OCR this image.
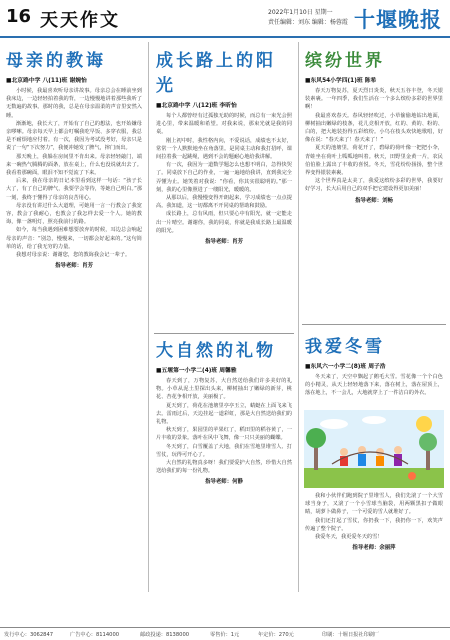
16 天天作文	2022年1月10日 星期一
责任编辑：刘东 编辑：杨蓉霞 十堰晚报
母亲的教诲
■北京路中学 八(11)班 谢婉怡

小时候，我最喜欢听母亲讲故事。母亲总会在睡前坐到我床边，一边轻轻拍着我的背，一边慢慢地讲着那些我听了无数遍的故事。那时的我，总是在母亲温柔的声音里安然入睡。

渐渐地，我长大了，开始有了自己的想法，也开始嫌母亲啰嗦。母亲每天早上都会叮嘱我吃早饭、多穿衣服，我总是不耐烦地应付着。有一次，我因为考试没考好，母亲只是说了一句“下次努力”，我便冲她发了脾气，摔门而出。

那天晚上，我躲在房间里不肯出来。母亲轻轻敲门，端来一碗热气腾腾的面条，放在桌上，什么也没说就出去了。我看着那碗面，眼泪不知不觉流了下来。

后来，我在母亲的日记本里看到这样一句话：“孩子长大了，有了自己的脾气，我要学会等待，等她自己明白。”那一刻，我终于懂得了母亲的良苦用心。

母亲没有讲过什么大道理，可她用一言一行教会了我宽容，教会了我耐心，也教会了我怎样去爱一个人。她的教诲，像一盏明灯，照亮我前行的路。

如今，每当我遇到困难想要放弃的时候，耳边总会响起母亲的声音：“别急，慢慢来，一切都会好起来的。”这句简单的话，给了我无穷的力量。

我想对母亲说：谢谢您，您的教诲我会记一辈子。

指导老师：肖芳
成长路上的阳光
■北京路中学 八(12)班 李昕怡

每个人都曾经有过孤独无助的时候，而总有一束光会照进心里，带来温暖和希望。对我来说，那束光就是我的同桌。

刚上初中时，我性格内向，不爱说话，成绩也不太好，常常一个人默默地坐在角落里。是同桌主动和我打招呼，课间拉着我一起跳绳，遇到不会的题耐心地给我讲解。

有一次，我因为一道数学题怎么也想不明白，急得快哭了。同桌放下自己的作业，一遍一遍地给我讲，直到我完全弄懂为止。她笑着对我说：“你看，你其实很聪明的。”那一刻，我的心里像照进了一缕阳光，暖暖的。

从那以后，我慢慢变得开朗起来，学习成绩也一点点提高。我知道，这一切都离不开同桌的帮助和鼓励。

成长路上，总有风雨，但只要心中有阳光，就一定能走出一片晴空。谢谢你，我的同桌，你就是我成长路上最温暖的阳光。

指导老师：肖芳
大自然的礼物
■五堰第一小学二(4)班 周馨雅

春天到了，万物复苏，大自然送给我们许多美好的礼物。小草从泥土里探出头来，柳树抽出了嫩绿的新芽，桃花、杏花争相开放，美丽极了。

夏天到了，荷花在池塘里亭亭玉立，蜻蜓在上面飞来飞去。雷雨过后，天边挂起一道彩虹，那是大自然送给我们的礼物。

秋天到了，果园里的苹果红了，稻田里的稻谷黄了，一片丰收的景象。落叶在风中飞舞，像一只只美丽的蝴蝶。

冬天到了，白雪覆盖了大地，我们在雪地里堆雪人、打雪仗，玩得可开心了。

大自然的礼物真多呀！我们要爱护大自然，珍惜大自然送给我们的每一份礼物。

指导老师：何静
缤纷世界
■东风54小学四(1)班 陈希

春天万物复苏，夏天烈日炎炎，秋天五谷丰登，冬天银装素裹。一年四季，我们生活在一个多么缤纷多彩的世界里啊！

我最喜欢春天。春风轻轻吹过，小草偷偷地钻出地面，柳树抽出嫩绿的枝条，花儿竞相开放，红的、黄的、粉的、白的，把大地装扮得五彩缤纷。小鸟在枝头欢快地歌唱，好像在说：“春天来了！春天来了！”

夏天的池塘里，荷花开了，碧绿的荷叶像一把把小伞，青蛙坐在荷叶上呱呱地叫着。秋天，田野里金黄一片，农民伯伯脸上露出了丰收的喜悦。冬天，雪花纷纷扬扬，整个世界变得银装素裹。

这个世界真是太美了，我爱这缤纷多彩的世界，我要好好学习，长大后用自己的双手把它建设得更加美丽！

指导老师：刘畅
我爱冬雪
■东风六一小学二(8)班 周子浩

冬天来了，天空中飘起了鹅毛大雪。雪花像一个个白色的小精灵，从天上轻轻地落下来，落在树上，落在屋顶上，落在地上，不一会儿，大地就穿上了一件洁白的外衣。

我和小伙伴们跑到院子里堆雪人，我们先滚了一个大雪球当身子，又滚了一个小雪球当脑袋，用两颗黑扣子做眼睛，胡萝卜做鼻子，一个可爱的雪人就堆好了。

我们还打起了雪仗，你扔我一下，我扔你一下，欢笑声传遍了整个院子。

我爱冬天，我更爱冬天的雪！

指导老师：余丽萍
发行中心：3062847	广告中心：8114000	邮政投递：8138000	零售价：1元	年定价：270元	印刷：十堰日报社印刷厂
